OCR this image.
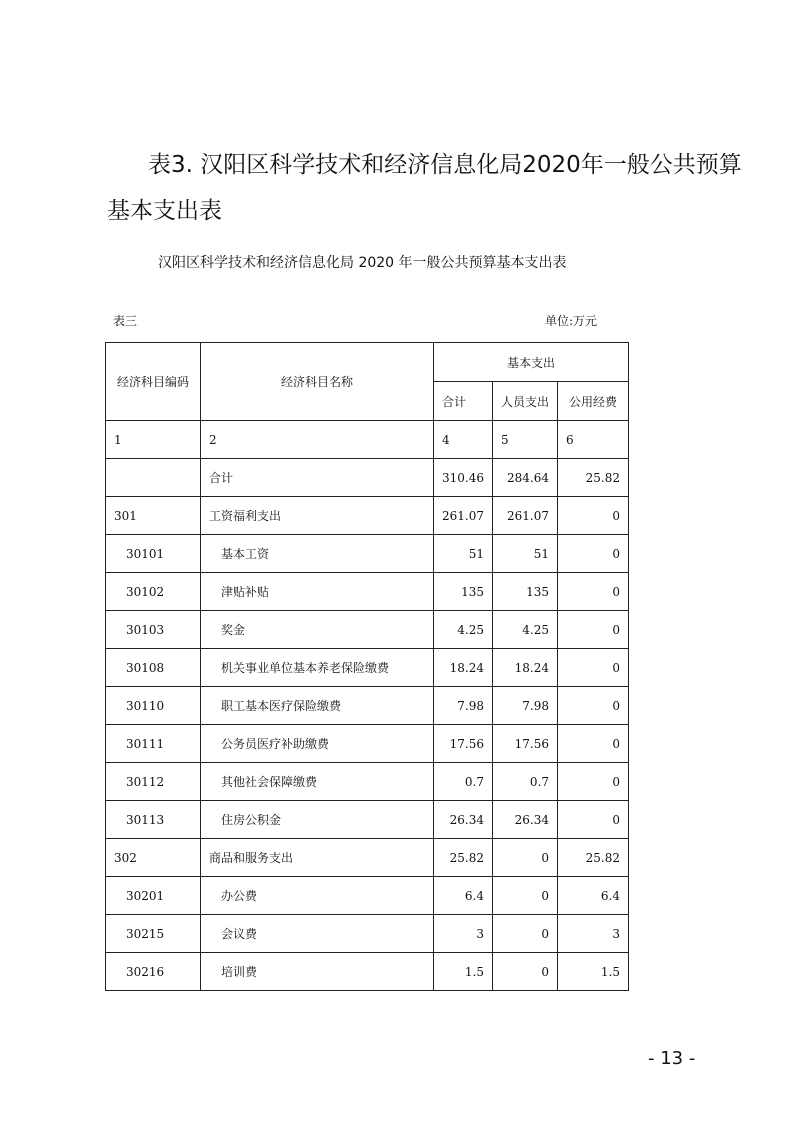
表3. 汉阳区科学技术和经济信息化局2020年一般公共预算
基本支出表
汉阳区科学技术和经济信息化局 2020 年一般公共预算基本支出表
表三	单位:万元
经济科目编码	经济科目名称	基本支出		
		合计	人员支出	公用经费
1	2	4	5	6
	合计	310.46	284.64	25.82
301	工资福利支出	261.07	261.07	0
30101	基本工资	51	51	0
30102	津贴补贴	135	135	0
30103	奖金	4.25	4.25	0
30108	机关事业单位基本养老保险缴费	18.24	18.24	0
30110	职工基本医疗保险缴费	7.98	7.98	0
30111	公务员医疗补助缴费	17.56	17.56	0
30112	其他社会保障缴费	0.7	0.7	0
30113	住房公积金	26.34	26.34	0
302	商品和服务支出	25.82	0	25.82
30201	办公费	6.4	0	6.4
30215	会议费	3	0	3
30216	培训费	1.5	0	1.5
- 13 -
